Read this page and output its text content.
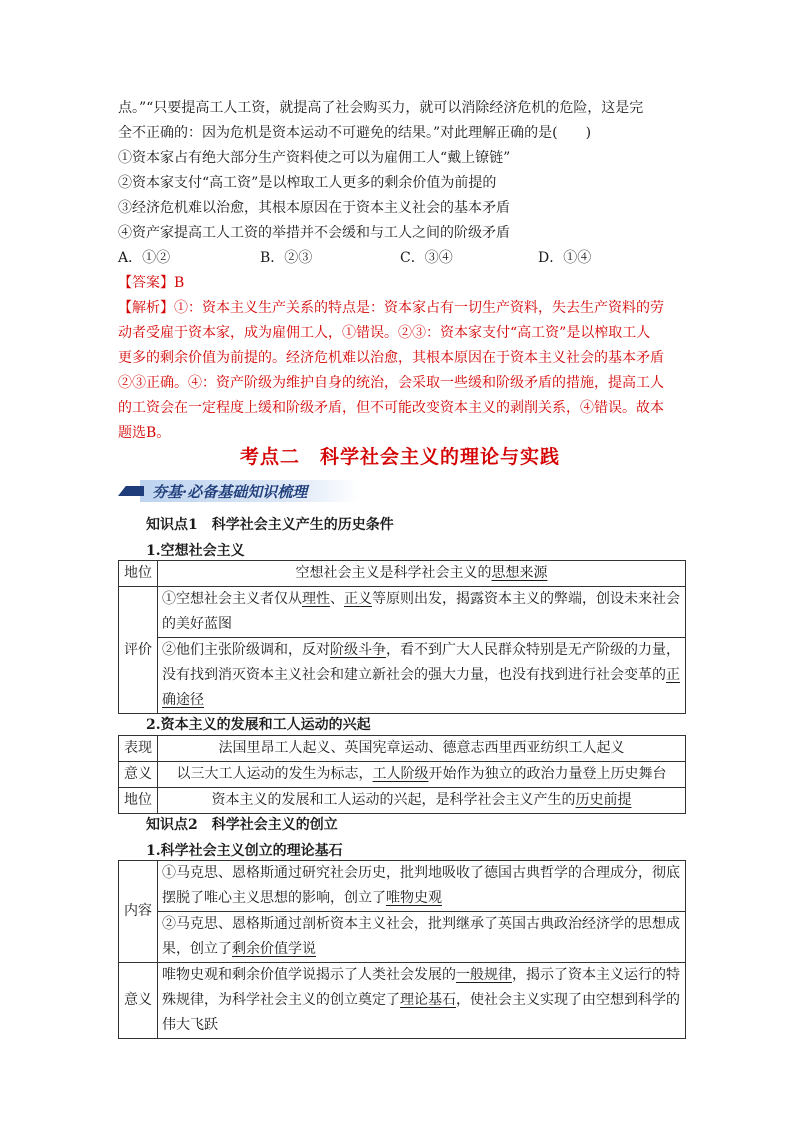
点。”“只要提高工人工资，就提高了社会购买力，就可以消除经济危机的危险，这是完
全不正确的：因为危机是资本运动不可避免的结果。”对此理解正确的是(　　)
①资本家占有绝大部分生产资料使之可以为雇佣工人“戴上镣链”
②资本家支付“高工资”是以榨取工人更多的剩余价值为前提的
③经济危机难以治愈，其根本原因在于资本主义社会的基本矛盾
④资产家提高工人工资的举措并不会缓和与工人之间的阶级矛盾
A．①②	B．②③	C．③④	D．①④
【答案】B
【解析】①：资本主义生产关系的特点是：资本家占有一切生产资料，失去生产资料的劳
动者受雇于资本家，成为雇佣工人，①错误。②③：资本家支付“高工资”是以榨取工人
更多的剩余价值为前提的。经济危机难以治愈，其根本原因在于资本主义社会的基本矛盾
②③正确。④：资产阶级为维护自身的统治，会采取一些缓和阶级矛盾的措施，提高工人
的工资会在一定程度上缓和阶级矛盾，但不可能改变资本主义的剥削关系，④错误。故本
题选B。
考点二　科学社会主义的理论与实践
夯基·必备基础知识梳理
知识点1　科学社会主义产生的历史条件
1.空想社会主义
地位	空想社会主义是科学社会主义的思想来源
评价	①空想社会主义者仅从理性、正义等原则出发，揭露资本主义的弊端，创设未来社会的美好蓝图
②他们主张阶级调和，反对阶级斗争，看不到广大人民群众特别是无产阶级的力量，没有找到消灭资本主义社会和建立新社会的强大力量，也没有找到进行社会变革的正确途径
2.资本主义的发展和工人运动的兴起
表现	法国里昂工人起义、英国宪章运动、德意志西里西亚纺织工人起义
意义	以三大工人运动的发生为标志，工人阶级开始作为独立的政治力量登上历史舞台
地位	资本主义的发展和工人运动的兴起，是科学社会主义产生的历史前提
知识点2　科学社会主义的创立
1.科学社会主义创立的理论基石
内容	①马克思、恩格斯通过研究社会历史，批判地吸收了德国古典哲学的合理成分，彻底摆脱了唯心主义思想的影响，创立了唯物史观
②马克思、恩格斯通过剖析资本主义社会，批判继承了英国古典政治经济学的思想成果，创立了剩余价值学说

意义	唯物史观和剩余价值学说揭示了人类社会发展的一般规律，揭示了资本主义运行的特殊规律，为科学社会主义的创立奠定了理论基石，使社会主义实现了由空想到科学的伟大飞跃
